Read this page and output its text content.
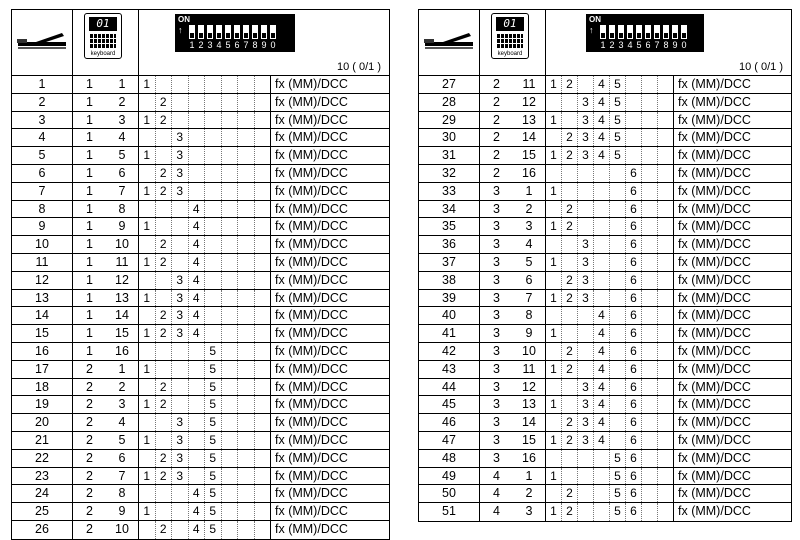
01
keyboard
ON
↑
1 2 3 4 5 6 7 8 9 0
10 ( 0/1 )
1	1	1	1	fx (MM)/DCC
2	1	2	2	fx (MM)/DCC
3	1	3	1 2	fx (MM)/DCC
4	1	4	3	fx (MM)/DCC
5	1	5	1	3	fx (MM)/DCC
6	1	6	2 3	fx (MM)/DCC
7	1	7	1 2 3	fx (MM)/DCC
8	1	8	4	fx (MM)/DCC
9	1	9	1	4	fx (MM)/DCC
10	1	10	2	4	fx (MM)/DCC
11	1	11	1 2	4	fx (MM)/DCC
12	1	12	3 4	fx (MM)/DCC
13	1	13	1	3 4	fx (MM)/DCC
14	1	14	2 3 4	fx (MM)/DCC
15	1	15	1 2 3 4	fx (MM)/DCC
16	1	16	5	fx (MM)/DCC
17	2	1	1	5	fx (MM)/DCC
18	2	2	2	5	fx (MM)/DCC
19	2	3	1 2	5	fx (MM)/DCC
20	2	4	3	5	fx (MM)/DCC
21	2	5	1	3	5	fx (MM)/DCC
22	2	6	2 3	5	fx (MM)/DCC
23	2	7	1 2 3	5	fx (MM)/DCC
24	2	8	4 5	fx (MM)/DCC
25	2	9	1	4 5	fx (MM)/DCC
26	2	10	2	4 5	fx (MM)/DCC
01
keyboard
ON
↑
1 2 3 4 5 6 7 8 9 0
10 ( 0/1 )
27	2	11	1 2	4 5	fx (MM)/DCC
28	2	12	3 4 5	fx (MM)/DCC
29	2	13	1	3 4 5	fx (MM)/DCC
30	2	14	2 3 4 5	fx (MM)/DCC
31	2	15	1 2 3 4 5	fx (MM)/DCC
32	2	16	6	fx (MM)/DCC
33	3	1	1	6	fx (MM)/DCC
34	3	2	2	6	fx (MM)/DCC
35	3	3	1 2	6	fx (MM)/DCC
36	3	4	3	6	fx (MM)/DCC
37	3	5	1	3	6	fx (MM)/DCC
38	3	6	2 3	6	fx (MM)/DCC
39	3	7	1 2 3	6	fx (MM)/DCC
40	3	8	4	6	fx (MM)/DCC
41	3	9	1	4	6	fx (MM)/DCC
42	3	10	2	4	6	fx (MM)/DCC
43	3	11	1 2	4	6	fx (MM)/DCC
44	3	12	3 4	6	fx (MM)/DCC
45	3	13	1	3 4	6	fx (MM)/DCC
46	3	14	2 3 4	6	fx (MM)/DCC
47	3	15	1 2 3 4	6	fx (MM)/DCC
48	3	16	5 6	fx (MM)/DCC
49	4	1	1	5 6	fx (MM)/DCC
50	4	2	2	5 6	fx (MM)/DCC
51	4	3	1 2	5 6	fx (MM)/DCC
